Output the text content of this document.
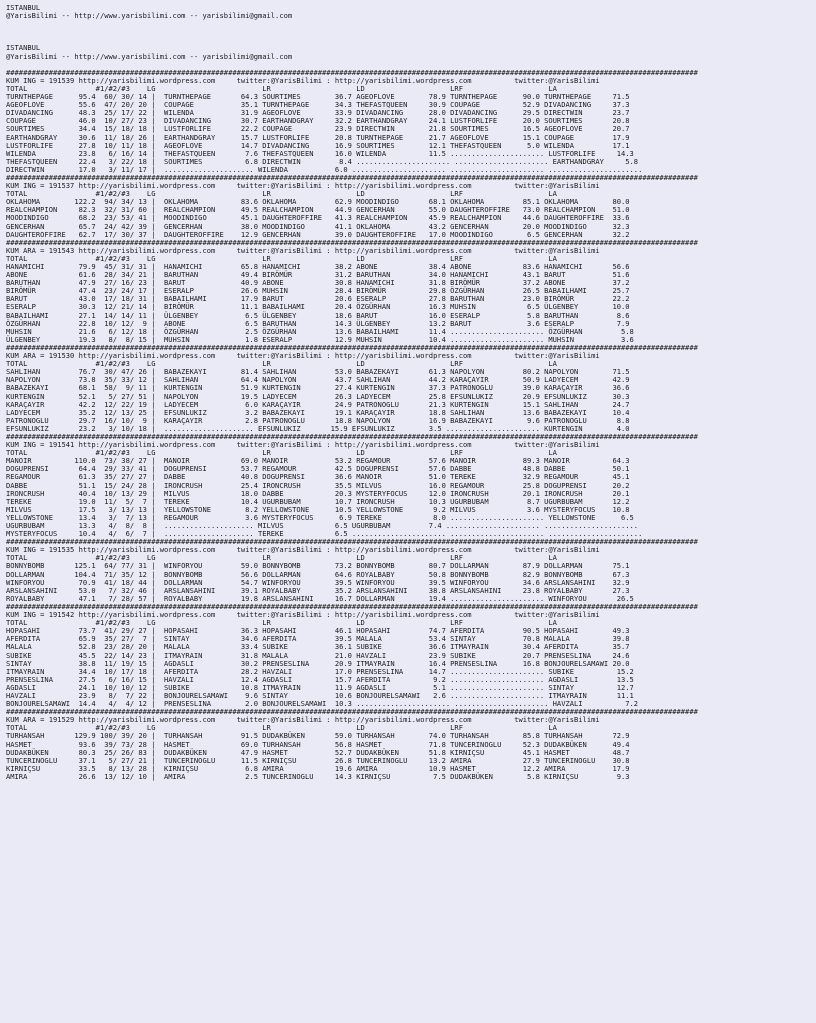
ISTANBUL
@YarisBilimi -- http://www.yarisbilimi.com -- yarisbilimi@gmail.com
ISTANBUL
@YarisBilimi -- http://www.yarisbilimi.com -- yarisbilimi@gmail.com
##################################################################################################################################################################
KUM ING = 191539 http://yarisbilimi.wordpress.com     twitter:@YarisBilimi : http://yarisbilimi.wordpress.com          twitter:@YarisBilimi
TOTAL                #1/#2/#3    LG                         LR                    LD                    LRF                    LA
TURNTHEPAGE      95.4  60/ 30/ 14 |  TURNTHEPAGE       64.3 SOURTIMES        36.7 AGEOFLOVE        78.9 TURNTHEPAGE      90.0 TURNTHEPAGE     71.5
AGEOFLOVE        55.6  47/ 20/ 20 |  COUPAGE           35.1 TURNTHEPAGE      34.3 THEFASTQUEEN     30.9 COUPAGE          52.9 DIVADANCING     37.3
DIVADANCING      48.3  25/ 17/ 22 |  WILENDA           31.9 AGEOFLOVE        33.9 DIVADANCING      28.0 DIVADANCING      29.5 DIRECTWIN       23.7
COUPAGE          46.0  10/ 27/ 23 |  DIVADANCING       30.7 EARTHANDGRAY     32.2 EARTHANDGRAY     24.1 LUSTFORLIFE      20.0 SOURTIMES       20.8
SOURTIMES        34.4  15/ 18/ 18 |  LUSTFORLIFE       22.2 COUPAGE          23.9 DIRECTWIN        21.8 SOURTIMES        16.5 AGEOFLOVE       20.7
EARTHANDGRAY     30.6  11/ 18/ 26 |  EARTHANDGRAY      15.7 LUSTFORLIFE      20.8 TURNTHEPAGE      21.7 AGEOFLOVE        15.1 COUPAGE         17.9
LUSTFORLIFE      27.8  10/ 11/ 18 |  AGEOFLOVE         14.7 DIVADANCING      16.9 SOURTIMES        12.1 THEFASTQUEEN      5.0 WILENDA         17.1
WILENDA          23.8   6/ 16/ 14 |  THEFASTQUEEN       7.6 THEFASTQUEEN     16.0 WILENDA          11.5 ...................... LUSTFORLIFE     14.3
THEFASTQUEEN     22.4   3/ 22/ 18 |  SOURTIMES          6.8 DIRECTWIN         8.4 ...................... ...................... EARTHANDGRAY     5.8
DIRECTWIN        17.0   3/ 11/ 17 |  ..................... WILENDA           6.0 ...................... ...................... ......................
##################################################################################################################################################################
KUM ING = 191537 http://yarisbilimi.wordpress.com     twitter:@YarisBilimi : http://yarisbilimi.wordpress.com          twitter:@YarisBilimi
TOTAL                #1/#2/#3    LG                         LR                    LD                    LRF                    LA
OKLAHOMA        122.2  94/ 34/ 13 |  OKLAHOMA          83.6 OKLAHOMA         62.9 MOODINDIGO       68.1 OKLAHOMA         85.1 OKLAHOMA        80.0
REALCHAMPION     82.3  32/ 31/ 60 |  REALCHAMPION      49.5 REALCHAMPION     44.9 GENCERHAN        55.0 DAUGHTEROFFIRE   73.0 REALCHAMPION    51.0
MOODINDIGO       68.2  23/ 53/ 41 |  MOODINDIGO        45.1 DAUGHTEROFFIRE   41.3 REALCHAMPION     45.9 REALCHAMPION     44.6 DAUGHTEROFFIRE  33.6
GENCERHAN        65.7  24/ 42/ 39 |  GENCERHAN         38.0 MOODINDIGO       41.1 OKLAHOMA         43.2 GENCERHAN        20.0 MOODINDIGO      32.3
DAUGHTEROFFIRE   62.7  17/ 30/ 37 |  DAUGHTEROFFIRE    12.9 GENCERHAN        39.0 DAUGHTEROFFIRE   17.0 MOODINDIGO        6.5 GENCERHAN       32.2
##################################################################################################################################################################
KUM ARA = 191543 http://yarisbilimi.wordpress.com     twitter:@YarisBilimi : http://yarisbilimi.wordpress.com          twitter:@YarisBilimi
TOTAL                #1/#2/#3    LG                         LR                    LD                    LRF                    LA
HANAMICHI        79.9  45/ 31/ 31 |  HANAMICHI         65.8 HANAMICHI        38.2 ABONE            38.4 ABONE            83.6 HANAMICHI       56.6
ABONE            61.6  28/ 34/ 21 |  BARUTHAN          49.4 BIRÖMÜR          31.2 BARUTHAN         34.0 HANAMICHI        43.1 BARUT           51.6
BARUTHAN         47.9  27/ 16/ 23 |  BARUT             40.9 ABONE            30.8 HANAMICHI        31.8 BIRÖMÜR          37.2 ABONE           37.2
BIRÖMÜR          47.4  23/ 24/ 17 |  ESERALP           26.6 MUHSIN           28.4 BIRÖMÜR          29.8 ÖZGÜRHAN         26.5 BABAILHAMI      25.7
BARUT            43.0  17/ 18/ 31 |  BABAILHAMI        17.9 BARUT            20.6 ESERALP          27.8 BARUTHAN         23.0 BIRÖMÜR         22.2
ESERALP          30.3  12/ 21/ 14 |  BIRÖMÜR           11.1 BABAILHAMI       20.4 ÖZGÜRHAN         16.3 MUHSIN            6.5 ÜLGENBEY        10.0
BABAILHAMI       27.1  14/ 14/ 11 |  ÜLGENBEY           6.5 ÜLGENBEY         18.6 BARUT            16.0 ESERALP           5.8 BARUTHAN         8.6
ÖZGÜRHAN         22.8  10/ 12/  9 |  ABONE              6.5 BARUTHAN         14.3 ÜLGENBEY         13.2 BARUT             3.6 ESERALP          7.9
MUHSIN           21.6   6/ 12/ 18 |  ÖZGÜRHAN           2.5 ÖZGÜRHAN         13.6 BABAILHAMI       11.4 ...................... ÖZGÜRHAN         5.8
ÜLGENBEY         19.3   8/  8/ 15 |  MUHSIN             1.8 ESERALP          12.9 MUHSIN           10.4 ...................... MUHSIN           3.6
##################################################################################################################################################################
KUM ARA = 191530 http://yarisbilimi.wordpress.com     twitter:@YarisBilimi : http://yarisbilimi.wordpress.com          twitter:@YarisBilimi
TOTAL                #1/#2/#3    LG                         LR                    LD                    LRF                    LA
SAHLIHAN         76.7  30/ 47/ 26 |  BABAZEKAYI        81.4 SAHLIHAN         53.0 BABAZEKAYI       61.3 NAPOLYON         80.2 NAPOLYON        71.5
NAPOLYON         73.8  35/ 33/ 12 |  SAHLIHAN          64.4 NAPOLYON         43.7 SAHLIHAN         44.2 KARAÇAYIR        50.9 LADYECEM        42.9
BABAZEKAYI       68.1  58/  9/ 11 |  KURTENGIN         51.9 KURTENGIN        27.4 KURTENGIN        37.3 PATRONOGLU       39.0 KARAÇAYIR       36.6
KURTENGIN        52.1   5/ 27/ 51 |  NAPOLYON          19.5 LADYECEM         26.3 LADYECEM         25.8 EFSUNLUKIZ       20.9 EFSUNLUKIZ      30.3
KARAÇAYIR        42.2  12/ 22/ 19 |  LADYECEM           6.0 KARAÇAYIR        24.9 PATRONOGLU       21.3 KURTENGIN        15.1 SAHLIHAN        24.7
LADYECEM         35.2  12/ 13/ 25 |  EFSUNLUKIZ         3.2 BABAZEKAYI       19.1 KARAÇAYIR        18.8 SAHLIHAN         13.6 BABAZEKAYI      10.4
PATRONOGLU       29.7  16/ 10/  9 |  KARAÇAYIR          2.8 PATRONOGLU       18.8 NAPOLYON         16.9 BABAZEKAYI        9.6 PATRONOGLU       8.8
EFSUNLUKIZ       23.2   3/ 10/ 18 |  ..................... EFSUNLUKIZ       15.9 EFSUNLUKIZ        3.5 ...................... KURTENGIN        4.0
##################################################################################################################################################################
KUM ING = 191541 http://yarisbilimi.wordpress.com     twitter:@YarisBilimi : http://yarisbilimi.wordpress.com          twitter:@YarisBilimi
TOTAL                #1/#2/#3    LG                         LR                    LD                    LRF                    LA
MANOIR          110.0  73/ 38/ 27 |  MANOIR            69.0 MANOIR           53.2 REGAMOUR         57.6 MANOIR           89.3 MANOIR          64.3
DOGUPRENSI       64.4  29/ 33/ 41 |  DOGUPRENSI        53.7 REGAMOUR         42.5 DOGUPRENSI       57.6 DABBE            48.8 DABBE           50.1
REGAMOUR         61.3  35/ 27/ 27 |  DABBE             40.8 DOGUPRENSI       36.6 MANOIR           51.0 TEREKE           32.9 REGAMOUR        45.1
DABBE            51.1  15/ 24/ 28 |  IRONCRUSH         25.4 IRONCRUSH        35.5 MILVUS           16.0 REGAMOUR         25.8 DOGUPRENSI      20.2
IRONCRUSH        40.4  10/ 13/ 29 |  MILVUS            18.0 DABBE            20.3 MYSTERYFOCUS     12.0 IRONCRUSH        20.1 IRONCRUSH       20.1
TEREKE           19.0  11/  5/  7 |  TEREKE            10.4 UGURBUBAM        10.7 IRONCRUSH        10.3 UGURBUBAM         8.7 UGURBUBAM       12.2
MILVUS           17.5   3/ 13/ 13 |  YELLOWSTONE        8.2 YELLOWSTONE      10.5 YELLOWSTONE       9.2 MILVUS            3.6 MYSTERYFOCUS    10.8
YELLOWSTONE      13.4   3/  7/ 13 |  REGAMOUR           3.6 MYSTERYFOCUS      6.9 TEREKE            8.0 ...................... YELLOWSTONE      6.5
UGURBUBAM        13.3   4/  8/  8 |  ..................... MILVUS            6.5 UGURBUBAM         7.4 ...................... ......................
MYSTERYFOCUS     10.4   4/  6/  7 |  ..................... TEREKE            6.5 ...................... ...................... ......................
##################################################################################################################################################################
KUM ING = 191535 http://yarisbilimi.wordpress.com     twitter:@YarisBilimi : http://yarisbilimi.wordpress.com          twitter:@YarisBilimi
TOTAL                #1/#2/#3    LG                         LR                    LD                    LRF                    LA
BONNYBOMB       125.1  64/ 77/ 31 |  WINFORYOU         59.0 BONNYBOMB        73.2 BONNYBOMB        80.7 DOLLARMAN        87.9 DOLLARMAN       75.1
DOLLARMAN       104.4  71/ 35/ 12 |  BONNYBOMB         56.6 DOLLARMAN        64.6 ROYALBABY        50.8 BONNYBOMB        82.9 BONNYBOMB       67.3
WINFORYOU        70.9  41/ 18/ 44 |  DOLLARMAN         54.7 WINFORYOU        39.5 WINFORYOU        39.5 WINFORYOU        34.6 ARSLANSAHINI    32.9
ARSLANSAHINI     53.0   7/ 32/ 46 |  ARSLANSAHINI      39.1 ROYALBABY        35.2 ARSLANSAHINI     38.8 ARSLANSAHINI     23.8 ROYALBABY       27.3
ROYALBABY        47.1   7/ 28/ 57 |  ROYALBABY         19.8 ARSLANSAHINI     16.7 DOLLARMAN        19.4 ...................... WINFORYOU       26.5
##################################################################################################################################################################
KUM ING = 191542 http://yarisbilimi.wordpress.com     twitter:@YarisBilimi : http://yarisbilimi.wordpress.com          twitter:@YarisBilimi
TOTAL                #1/#2/#3    LG                         LR                    LD                    LRF                    LA
HOPASAHI         73.7  41/ 29/ 27 |  HOPASAHI          36.3 HOPASAHI         46.1 HOPASAHI         74.7 AFERDITA         90.5 HOPASAHI        49.3
AFERDITA         65.9  35/ 27/  7 |  SINTAY            34.6 AFERDITA         39.5 MALALA           53.4 SINTAY           70.8 MALALA          39.8
MALALA           52.8  23/ 28/ 20 |  MALALA            33.4 SUBIKE           36.1 SUBIKE           36.6 ITMAYRAIN        30.4 AFERDITA        35.7
SUBIKE           45.5  22/ 14/ 23 |  ITMAYRAIN         31.8 MALALA           21.0 HAVZALI          23.9 SUBIKE           20.7 PRENSESLINA     24.6
SINTAY           38.8  11/ 19/ 15 |  AGDASLI           30.2 PRENSESLINA      20.9 ITMAYRAIN        16.4 PRENSESLINA      16.8 BONJOURELSAMAWI 20.0
ITMAYRAIN        34.4  10/ 17/ 18 |  AFERDITA          28.2 HAVZALI          17.0 PRENSESLINA      14.7 ...................... SUBIKE          15.2
PRENSESLINA      27.5   6/ 16/ 15 |  HAVZALI           12.4 AGDASLI          15.7 AFERDITA          9.2 ...................... AGDASLI         13.5
AGDASLI          24.1  10/ 10/ 12 |  SUBIKE            10.8 ITMAYRAIN        11.9 AGDASLI           5.1 ...................... SINTAY          12.7
HAVZALI          23.9   8/  7/ 22 |  BONJOURELSAMAWI    9.6 SINTAY           10.6 BONJOURELSAMAWI   2.6 ...................... ITMAYRAIN       11.1
BONJOURELSAMAWI  14.4   4/  4/ 12 |  PRENSESLINA        2.0 BONJOURELSAMAWI  10.3 ...................... ...................... HAVZALI          7.2
##################################################################################################################################################################
KUM ARA = 191529 http://yarisbilimi.wordpress.com     twitter:@YarisBilimi : http://yarisbilimi.wordpress.com          twitter:@YarisBilimi
TOTAL                #1/#2/#3    LG                         LR                    LD                    LRF                    LA
TURHANSAH       129.9 100/ 39/ 20 |  TURHANSAH         91.5 DUDAKBÜKEN       59.0 TURHANSAH        74.0 TURHANSAH        85.8 TURHANSAH       72.9
HASMET           93.6  39/ 73/ 28 |  HASMET            69.0 TURHANSAH        56.8 HASMET           71.8 TUNCERINOGLU     52.3 DUDAKBÜKEN      49.4
DUDAKBÜKEN       80.3  25/ 26/ 83 |  DUDAKBÜKEN        47.9 HASMET           52.7 DUDAKBÜKEN       51.8 KIRNIÇSU         45.1 HASMET          48.7
TUNCERINOGLU     37.1   5/ 27/ 21 |  TUNCERINOGLU      11.5 KIRNIÇSU         26.8 TUNCERINOGLU     13.2 AMIRA            27.9 TUNCERINOGLU    30.8
KIRNIÇSU         33.5   8/ 13/ 28 |  KIRNIÇSU           6.8 AMIRA            19.6 AMIRA            10.9 HASMET           12.2 AMIRA           17.9
AMIRA            26.6  13/ 12/ 10 |  AMIRA              2.5 TUNCERINOGLU     14.3 KIRNIÇSU          7.5 DUDAKBÜKEN        5.8 KIRNIÇSU         9.3
